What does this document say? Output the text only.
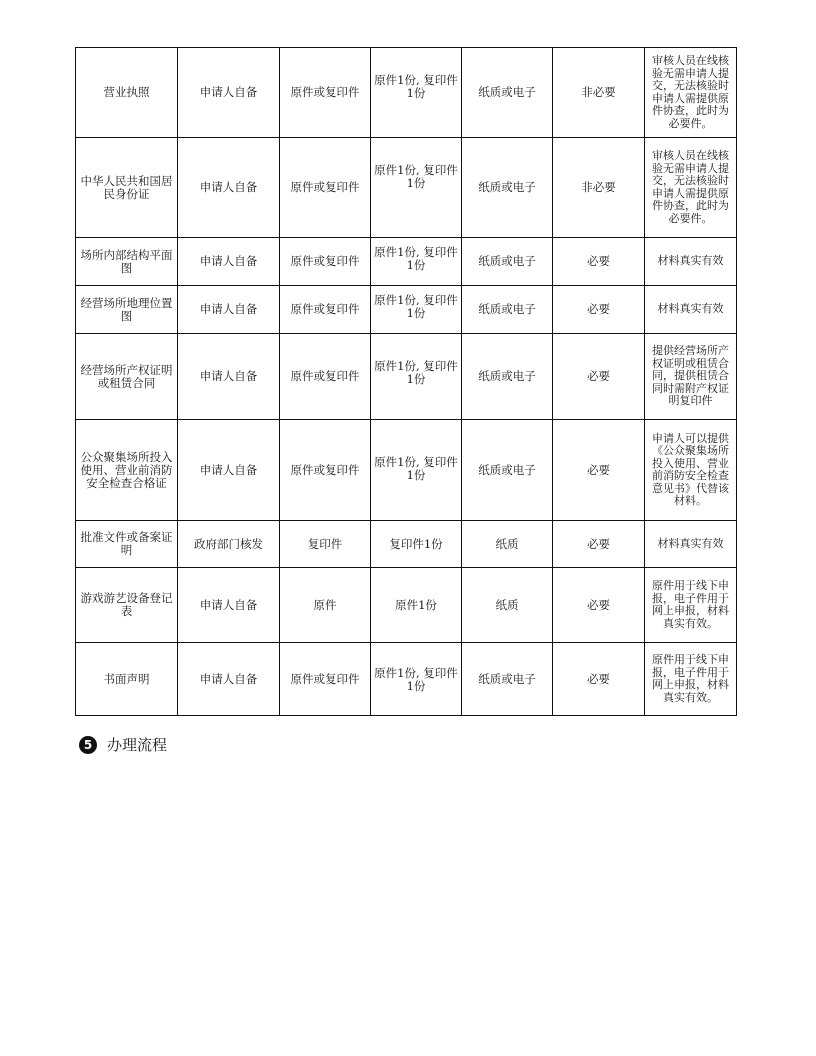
营业执照	申请人自备	原件或复印件	原件1份, 复印件1份	纸质或电子	非必要	审核人员在线核验无需申请人提交，无法核验时申请人需提供原件协查，此时为必要件。
中华人民共和国居民身份证	申请人自备	原件或复印件	原件1份, 复印件1份	纸质或电子	非必要	审核人员在线核验无需申请人提交，无法核验时申请人需提供原件协查，此时为必要件。
场所内部结构平面图	申请人自备	原件或复印件	原件1份, 复印件1份	纸质或电子	必要	材料真实有效
经营场所地理位置图	申请人自备	原件或复印件	原件1份, 复印件1份	纸质或电子	必要	材料真实有效
经营场所产权证明或租赁合同	申请人自备	原件或复印件	原件1份, 复印件1份	纸质或电子	必要	提供经营场所产权证明或租赁合同，提供租赁合同时需附产权证明复印件
公众聚集场所投入使用、营业前消防安全检查合格证	申请人自备	原件或复印件	原件1份, 复印件1份	纸质或电子	必要	申请人可以提供《公众聚集场所投入使用、营业前消防安全检查意见书》代替该材料。
批准文件或备案证明	政府部门核发	复印件	复印件1份	纸质	必要	材料真实有效
游戏游艺设备登记表	申请人自备	原件	原件1份	纸质	必要	原件用于线下申报，电子件用于网上申报，材料真实有效。
书面声明	申请人自备	原件或复印件	原件1份, 复印件1份	纸质或电子	必要	原件用于线下申报，电子件用于网上申报，材料真实有效。
5 办理流程
